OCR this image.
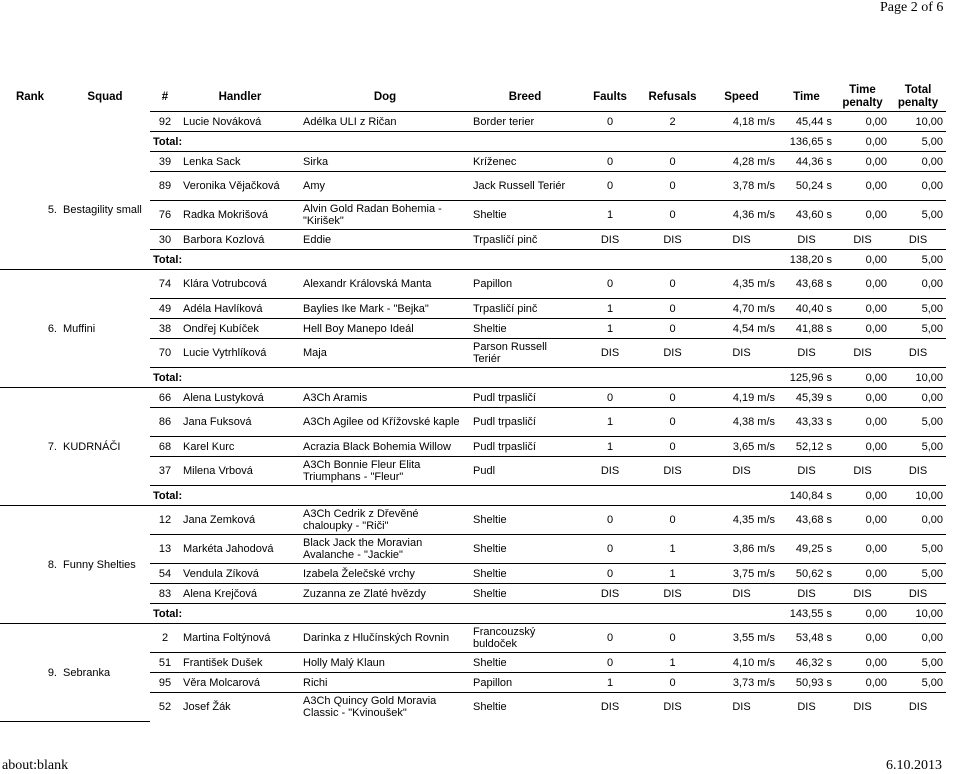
Page 2 of 6
Rank	Squad	#	Handler	Dog	Breed	Faults	Refusals	Speed	Time	Time
penalty	Total
penalty
		92	Lucie Nováková	Adélka ULI z Ričan	Border terier	0	2	4,18 m/s	45,44 s	0,00	10,00
		Total:							136,65 s	0,00	5,00
5.	Bestagility small	39	Lenka Sack	Sirka	Kríženec	0	0	4,28 m/s	44,36 s	0,00	0,00
		89	Veronika Vějačková	Amy	Jack Russell Teriér	0	0	3,78 m/s	50,24 s	0,00	0,00
		76	Radka Mokrišová	Alvin Gold Radan Bohemia - "Kirišek"	Sheltie	1	0	4,36 m/s	43,60 s	0,00	5,00
		30	Barbora Kozlová	Eddie	Trpasličí pinč	DIS	DIS	DIS	DIS	DIS	DIS
		Total:							138,20 s	0,00	5,00
6.	Muffini	74	Klára Votrubcová	Alexandr Královská Manta	Papillon	0	0	4,35 m/s	43,68 s	0,00	0,00
		49	Adéla Havlíková	Baylies Ike Mark - "Bejka"	Trpasličí pinč	1	0	4,70 m/s	40,40 s	0,00	5,00
		38	Ondřej Kubíček	Hell Boy Manepo Ideál	Sheltie	1	0	4,54 m/s	41,88 s	0,00	5,00
		70	Lucie Vytrhlíková	Maja	Parson Russell Teriér	DIS	DIS	DIS	DIS	DIS	DIS
		Total:							125,96 s	0,00	10,00
7.	KUDRNÁČI	66	Alena Lustyková	A3Ch Aramis	Pudl trpasličí	0	0	4,19 m/s	45,39 s	0,00	0,00
		86	Jana Fuksová	A3Ch Agilee od Křížovské kaple	Pudl trpasličí	1	0	4,38 m/s	43,33 s	0,00	5,00
		68	Karel Kurc	Acrazia Black Bohemia Willow	Pudl trpasličí	1	0	3,65 m/s	52,12 s	0,00	5,00
		37	Milena Vrbová	A3Ch Bonnie Fleur Elita Triumphans - "Fleur"	Pudl	DIS	DIS	DIS	DIS	DIS	DIS
		Total:							140,84 s	0,00	10,00
8.	Funny Shelties	12	Jana Zemková	A3Ch Cedrik z Dřevěné chaloupky - "Riči"	Sheltie	0	0	4,35 m/s	43,68 s	0,00	0,00
		13	Markéta Jahodová	Black Jack the Moravian Avalanche - "Jackie"	Sheltie	0	1	3,86 m/s	49,25 s	0,00	5,00
		54	Vendula Zíková	Izabela Želečské vrchy	Sheltie	0	1	3,75 m/s	50,62 s	0,00	5,00
		83	Alena Krejčová	Zuzanna ze Zlaté hvězdy	Sheltie	DIS	DIS	DIS	DIS	DIS	DIS
		Total:							143,55 s	0,00	10,00
9.	Sebranka	2	Martina Foltýnová	Darinka z Hlučínských Rovnin	Francouzský buldoček	0	0	3,55 m/s	53,48 s	0,00	0,00
		51	František Dušek	Holly Malý Klaun	Sheltie	0	1	4,10 m/s	46,32 s	0,00	5,00
		95	Věra Molcarová	Richi	Papillon	1	0	3,73 m/s	50,93 s	0,00	5,00
		52	Josef Žák	A3Ch Quincy Gold Moravia Classic - "Kvinoušek"	Sheltie	DIS	DIS	DIS	DIS	DIS	DIS
about:blank	6.10.2013
